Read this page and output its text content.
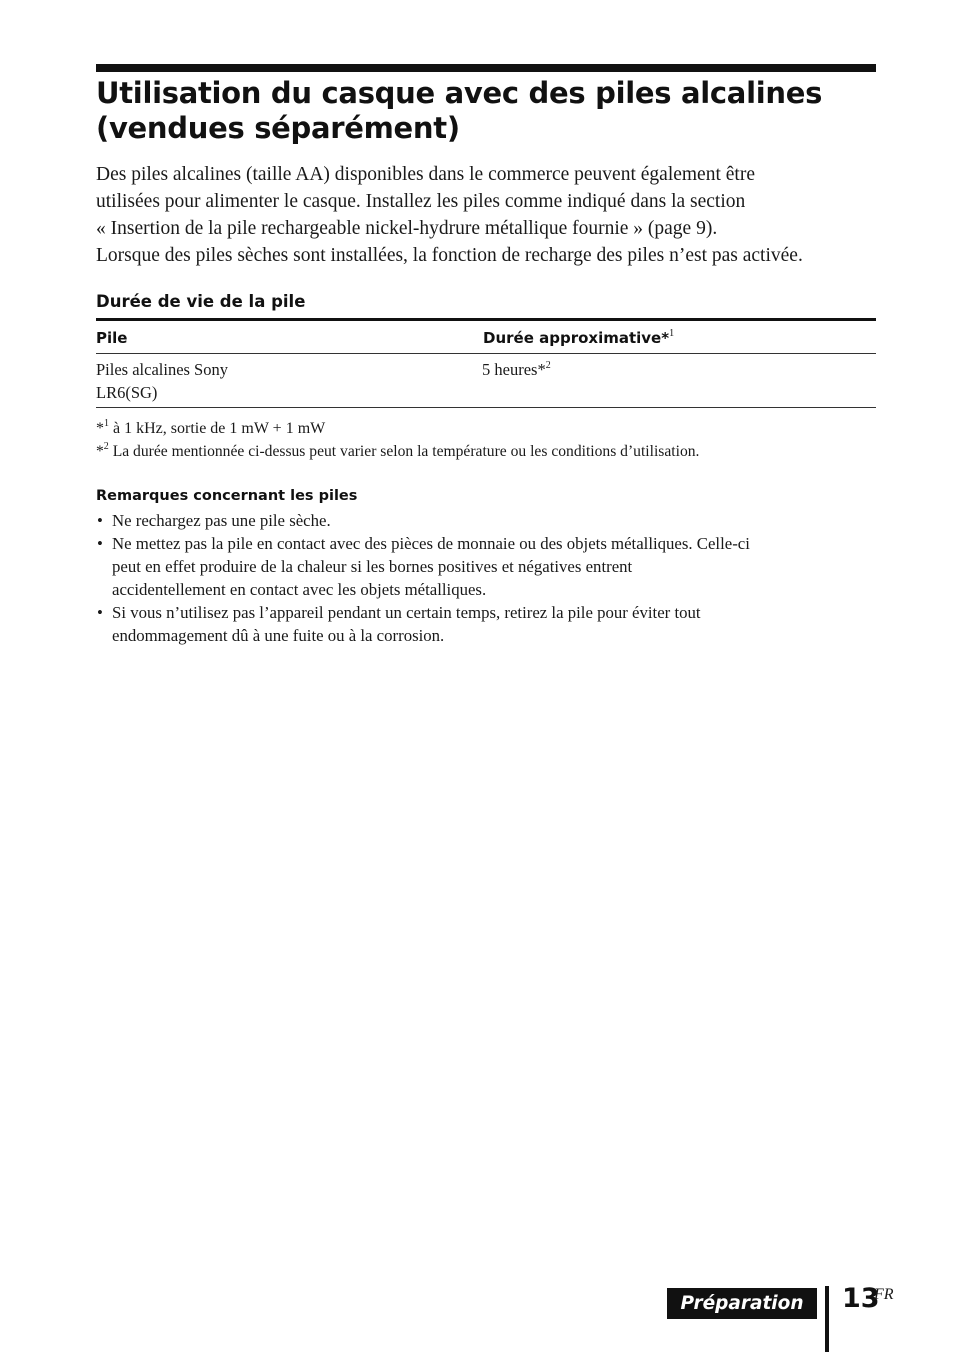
Utilisation du casque avec des piles alcalines (vendues séparément)

Des piles alcalines (taille AA) disponibles dans le commerce peuvent également être
utilisées pour alimenter le casque. Installez les piles comme indiqué dans la section
« Insertion de la pile rechargeable nickel-hydrure métallique fournie » (page 9).
Lorsque des piles sèches sont installées, la fonction de recharge des piles n’est pas activée.

Durée de vie de la pile
Pile	Durée approximative*$^1$
Piles alcalines Sony
LR6(SG)
5 heures*$^2$
*$^1$ à 1 kHz, sortie de 1 mW + 1 mW
*$^2$ La durée mentionnée ci-dessus peut varier selon la température ou les conditions d’utilisation.
Remarques concernant les piles
• Ne rechargez pas une pile sèche.
• Ne mettez pas la pile en contact avec des pièces de monnaie ou des objets métalliques. Celle-ci
peut en effet produire de la chaleur si les bornes positives et négatives entrent
accidentellement en contact avec les objets métalliques.
• Si vous n’utilisez pas l’appareil pendant un certain temps, retirez la pile pour éviter tout
endommagement dû à une fuite ou à la corrosion.
Préparation	13
FR
